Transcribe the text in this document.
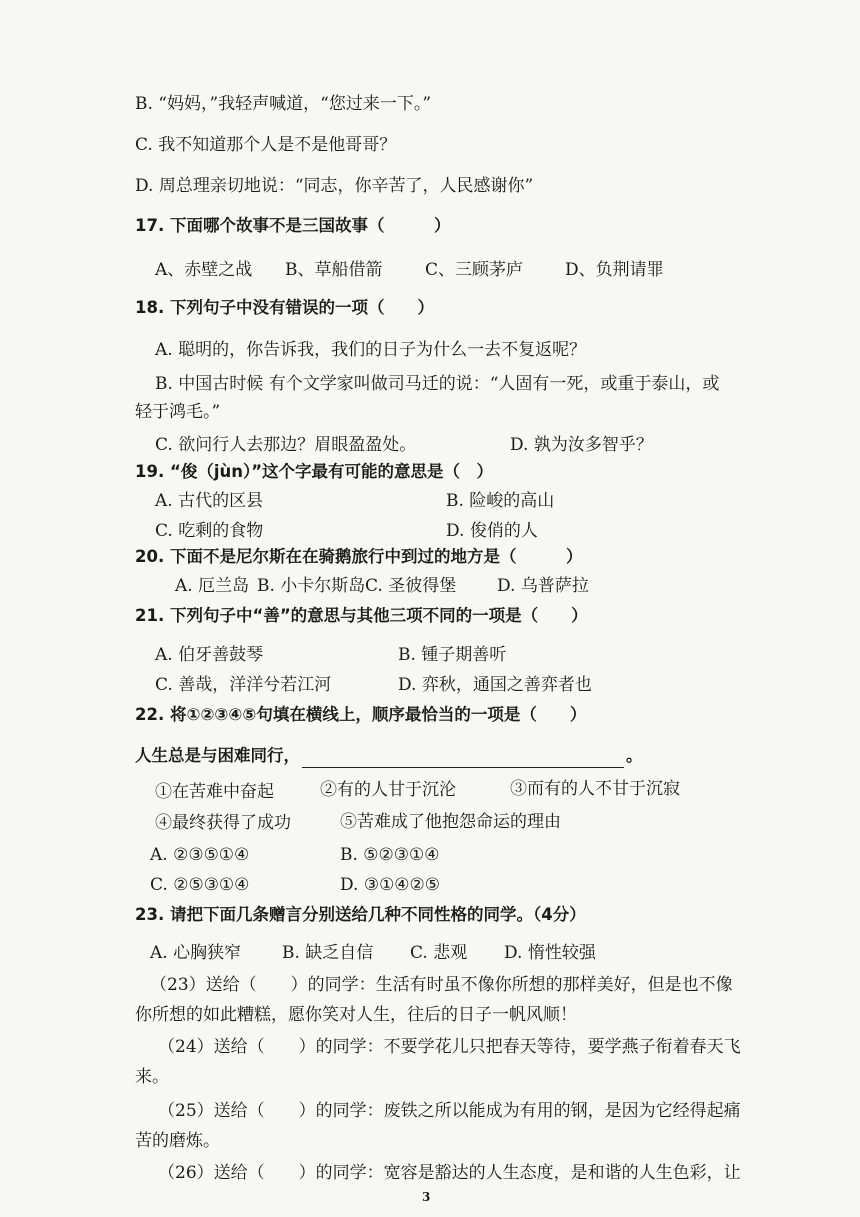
B. “妈妈，”我轻声喊道，“您过来一下。”
C. 我不知道那个人是不是他哥哥？
D. 周总理亲切地说：“同志，你辛苦了，人民感谢你”
17. 下面哪个故事不是三国故事（　　　）
A、赤壁之战 B、草船借箭	C、三顾茅庐 D、负荆请罪
18. 下列句子中没有错误的一项（　　）
A. 聪明的，你告诉我，我们的日子为什么一去不复返呢？
B. 中国古时候 有个文学家叫做司马迁的说：“人固有一死，或重于泰山，或
轻于鸿毛。”
C. 欲问行人去那边？眉眼盈盈处。	D. 孰为汝多智乎？
19. “俊（jùn）”这个字最有可能的意思是（　）
A. 古代的区县	B. 险峻的高山
C. 吃剩的食物	D. 俊俏的人
20. 下面不是尼尔斯在在骑鹅旅行中到过的地方是（　　　）
A. 厄兰岛 B. 小卡尔斯岛C. 圣彼得堡 D. 乌普萨拉
21. 下列句子中“善”的意思与其他三项不同的一项是（　　）
A. 伯牙善鼓琴	B. 锺子期善听
C. 善哉，洋洋兮若江河	D. 弈秋，通国之善弈者也
22. 将①②③④⑤句填在横线上，顺序最恰当的一项是（　　）
人生总是与困难同行，	。
①在苦难中奋起	②有的人甘于沉沦	③而有的人不甘于沉寂
④最终获得了成功	⑤苦难成了他抱怨命运的理由
A. ②③⑤①④	B. ⑤②③①④
C. ②⑤③①④	D. ③①④②⑤
23. 请把下面几条赠言分别送给几种不同性格的同学。（4分）
A. 心胸狭窄 B. 缺乏自信 C. 悲观 D. 惰性较强
（23）送给（　　）的同学：生活有时虽不像你所想的那样美好，但是也不像
你所想的如此糟糕，愿你笑对人生，往后的日子一帆风顺！
（24）送给（　　）的同学：不要学花儿只把春天等待，要学燕子衔着春天飞
来。
（25）送给（　　）的同学：废铁之所以能成为有用的钢，是因为它经得起痛
苦的磨炼。
（26）送给（　　）的同学：宽容是豁达的人生态度，是和谐的人生色彩，让
3
